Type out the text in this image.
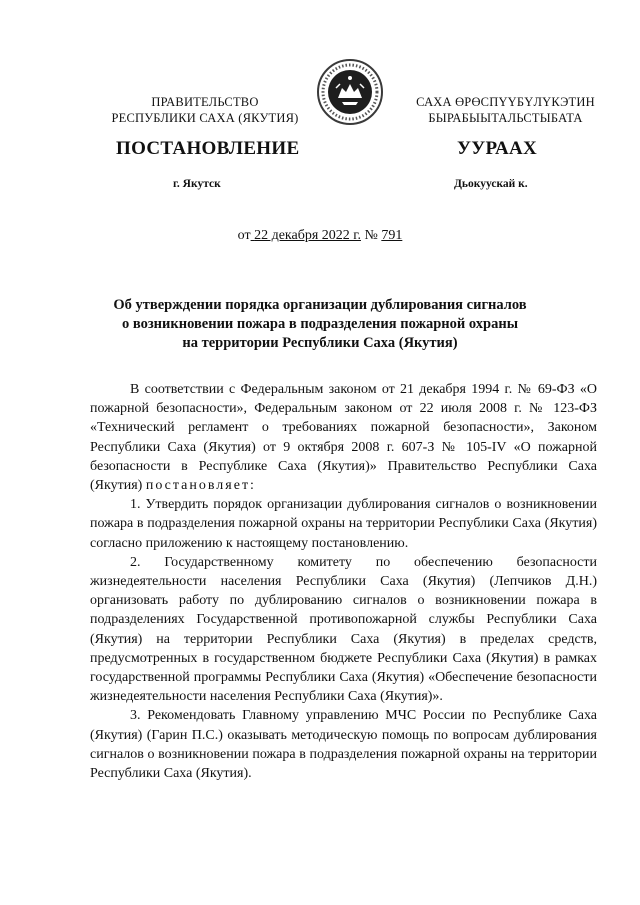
ПРАВИТЕЛЬСТВО
РЕСПУБЛИКИ САХА (ЯКУТИЯ)
САХА ӨРӨСПҮҮБҮЛҮКЭТИН
БЫРАБЫЫТАЛЬСТЫБАТА
ПОСТАНОВЛЕНИЕ	УУРААХ
г. Якутск	Дьокуускай к.
от 22 декабря 2022 г. № 791
Об утверждении порядка организации дублирования сигналов
о возникновении пожара в подразделения пожарной охраны
на территории Республики Саха (Якутия)

В соответствии с Федеральным законом от 21 декабря 1994 г. № 69-ФЗ «О пожарной безопасности», Федеральным законом от 22 июля 2008 г. № 123-ФЗ «Технический регламент о требованиях пожарной безопасности», Законом Республики Саха (Якутия) от 9 октября 2008 г. 607-З № 105-IV «О пожарной безопасности в Республике Саха (Якутия)» Правительство Республики Саха (Якутия) постановляет:

1. Утвердить порядок организации дублирования сигналов о возникновении пожара в подразделения пожарной охраны на территории Республики Саха (Якутия) согласно приложению к настоящему постановлению.

2. Государственному комитету по обеспечению безопасности жизнедеятельности населения Республики Саха (Якутия) (Лепчиков Д.Н.) организовать работу по дублированию сигналов о возникновении пожара в подразделениях Государственной противопожарной службы Республики Саха (Якутия) на территории Республики Саха (Якутия) в пределах средств, предусмотренных в государственном бюджете Республики Саха (Якутия) в рамках государственной программы Республики Саха (Якутия) «Обеспечение безопасности жизнедеятельности населения Республики Саха (Якутия)».

3. Рекомендовать Главному управлению МЧС России по Республике Саха (Якутия) (Гарин П.С.) оказывать методическую помощь по вопросам дублирования сигналов о возникновении пожара в подразделения пожарной охраны на территории Республики Саха (Якутия).
